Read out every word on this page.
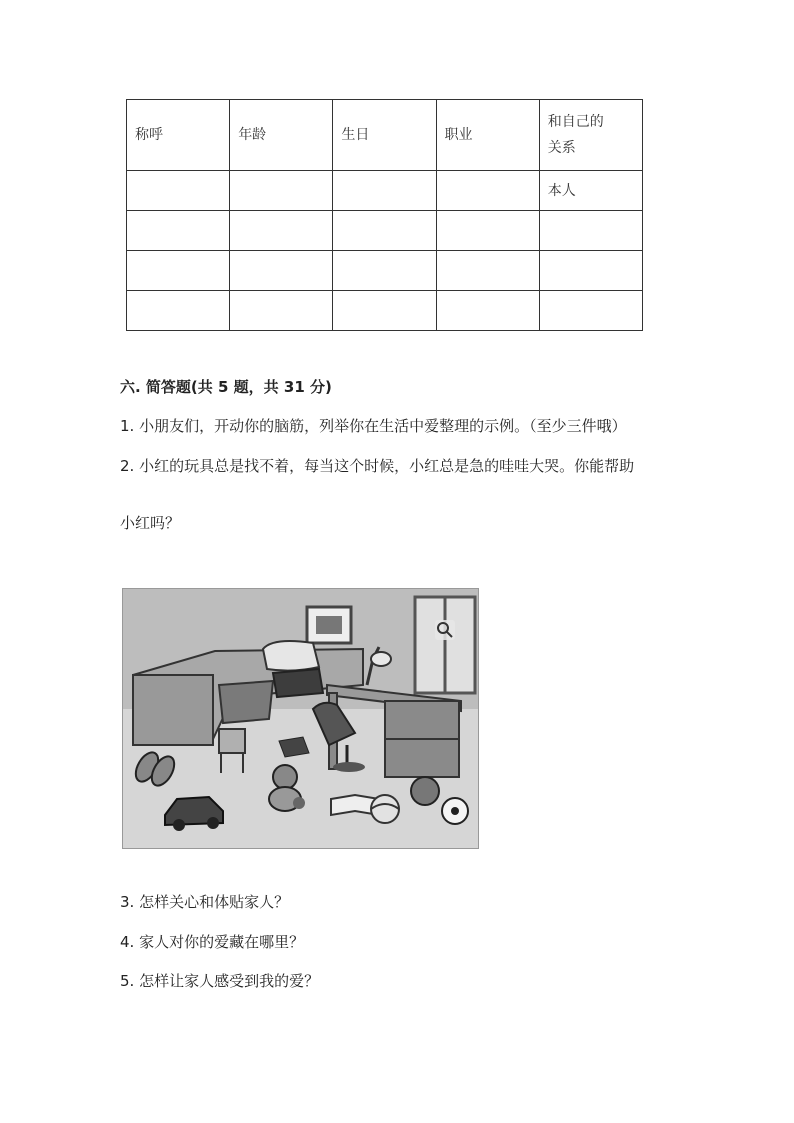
称呼	年龄	生日	职业	和自己的关系
				本人

六. 简答题(共 5 题，共 31 分)
1. 小朋友们，开动你的脑筋，列举你在生活中爱整理的示例。（至少三件哦）
2. 小红的玩具总是找不着，每当这个时候，小红总是急的哇哇大哭。你能帮助
小红吗？
3. 怎样关心和体贴家人？
4. 家人对你的爱藏在哪里？
5. 怎样让家人感受到我的爱？
